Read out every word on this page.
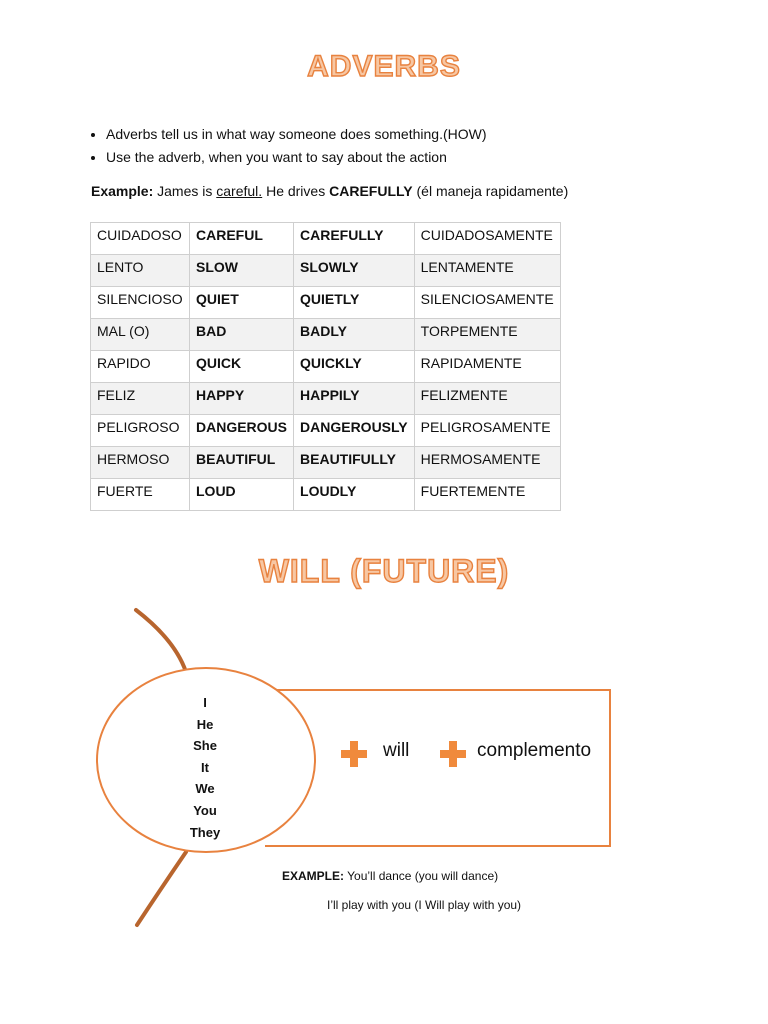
ADVERBS
• Adverbs tell us in what way someone does something.(HOW)
• Use the adverb, when you want to say about the action
Example: James is careful. He drives CAREFULLY (él maneja rapidamente)
CUIDADOSO	CAREFUL	CAREFULLY	CUIDADOSAMENTE
LENTO	SLOW	SLOWLY	LENTAMENTE
SILENCIOSO	QUIET	QUIETLY	SILENCIOSAMENTE
MAL (O)	BAD	BADLY	TORPEMENTE
RAPIDO	QUICK	QUICKLY	RAPIDAMENTE
FELIZ	HAPPY	HAPPILY	FELIZMENTE
PELIGROSO	DANGEROUS	DANGEROUSLY	PELIGROSAMENTE
HERMOSO	BEAUTIFUL	BEAUTIFULLY	HERMOSAMENTE
FUERTE	LOUD	LOUDLY	FUERTEMENTE
WILL (FUTURE)
I
He
She
It
We
You
They
will	complemento
EXAMPLE: You’ll dance (you will dance)
I’ll play with you (I Will play with you)
